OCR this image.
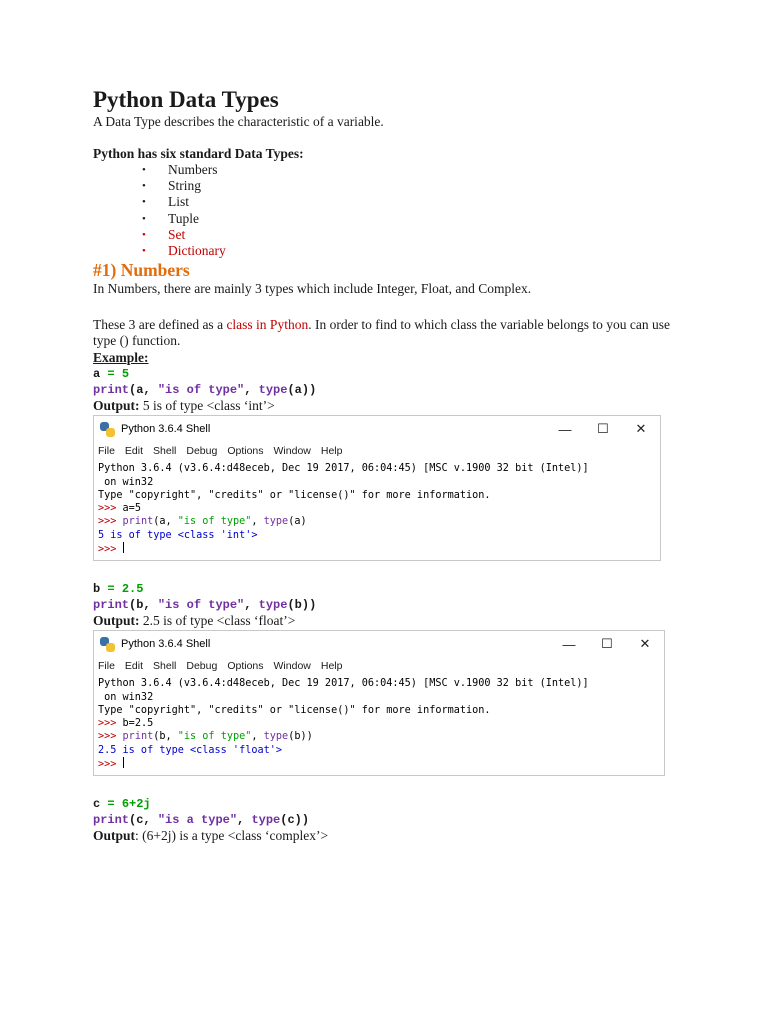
Python Data Types

A Data Type describes the characteristic of a variable.

Python has six standard Data Types:

• Numbers
• String
• List
• Tuple
• Set
• Dictionary
#1) Numbers

In Numbers, there are mainly 3 types which include Integer, Float, and Complex.

These 3 are defined as a class in Python. In order to find to which class the variable belongs to you can use type () function.

Example:

a = 5
print(a, "is of type", type(a))

Output: 5 is of type <class ‘int’>

Python 3.6.4 Shell	—	☐	✕
File Edit Shell Debug Options Window Help
Python 3.6.4 (v3.6.4:d48eceb, Dec 19 2017, 06:04:45) [MSC v.1900 32 bit (Intel)]
on win32
Type "copyright", "credits" or "license()" for more information.
>>> a=5
>>> print(a, "is of type", type(a)
5 is of type <class 'int'>
>>>
b = 2.5
print(b, "is of type", type(b))

Output: 2.5 is of type <class ‘float’>

Python 3.6.4 Shell	—	☐	✕
File Edit Shell Debug Options Window Help
Python 3.6.4 (v3.6.4:d48eceb, Dec 19 2017, 06:04:45) [MSC v.1900 32 bit (Intel)]
on win32
Type "copyright", "credits" or "license()" for more information.
>>> b=2.5
>>> print(b, "is of type", type(b))
2.5 is of type <class 'float'>
>>>
c = 6+2j
print(c, "is a type", type(c))

Output: (6+2j) is a type <class ‘complex’>
